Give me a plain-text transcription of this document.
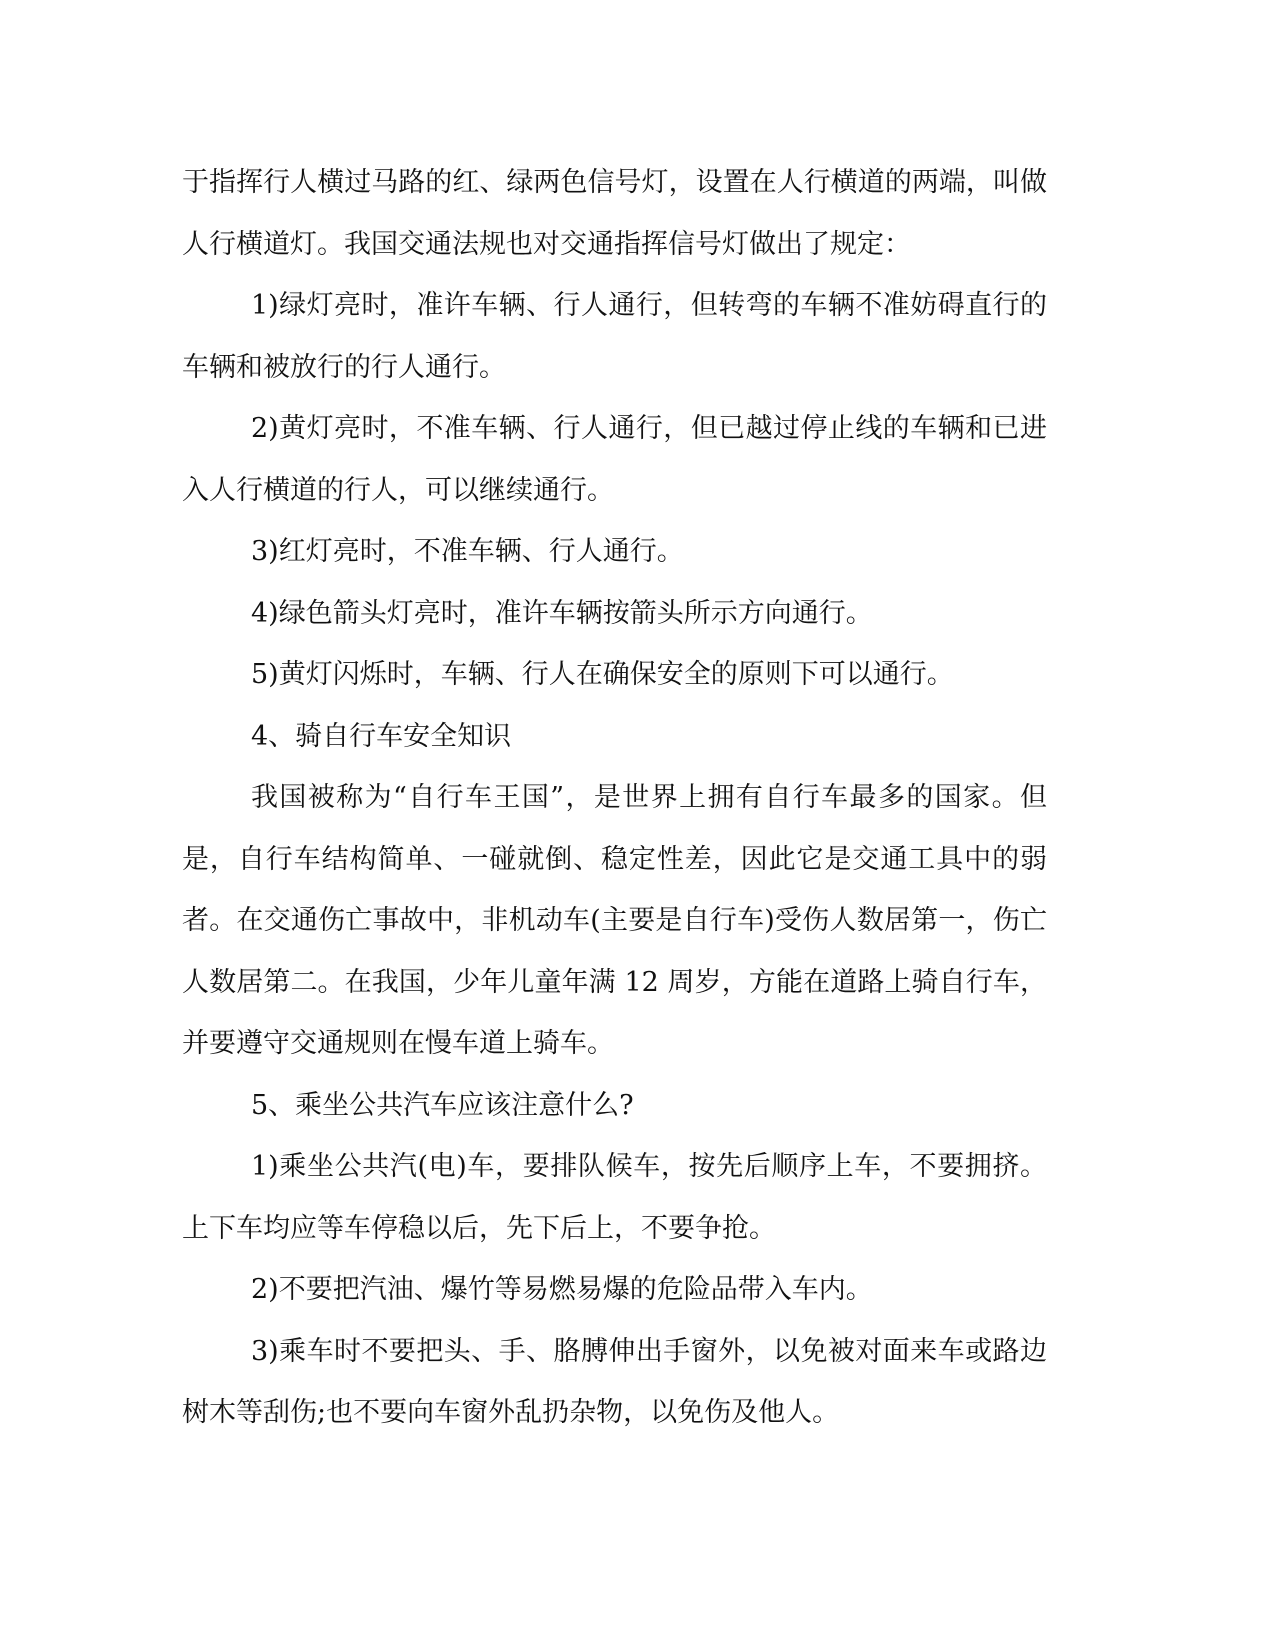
于指挥行人横过马路的红、绿两色信号灯，设置在人行横道的两端，叫做人行横道灯。我国交通法规也对交通指挥信号灯做出了规定：

1)绿灯亮时，准许车辆、行人通行，但转弯的车辆不准妨碍直行的车辆和被放行的行人通行。

2)黄灯亮时，不准车辆、行人通行，但已越过停止线的车辆和已进入人行横道的行人，可以继续通行。

3)红灯亮时，不准车辆、行人通行。

4)绿色箭头灯亮时，准许车辆按箭头所示方向通行。

5)黄灯闪烁时，车辆、行人在确保安全的原则下可以通行。

4、骑自行车安全知识

我国被称为“自行车王国”，是世界上拥有自行车最多的国家。但是，自行车结构简单、一碰就倒、稳定性差，因此它是交通工具中的弱者。在交通伤亡事故中，非机动车(主要是自行车)受伤人数居第一，伤亡人数居第二。在我国，少年儿童年满 12 周岁，方能在道路上骑自行车，并要遵守交通规则在慢车道上骑车。

5、乘坐公共汽车应该注意什么?

1)乘坐公共汽(电)车，要排队候车，按先后顺序上车，不要拥挤。上下车均应等车停稳以后，先下后上，不要争抢。

2)不要把汽油、爆竹等易燃易爆的危险品带入车内。

3)乘车时不要把头、手、胳膊伸出手窗外，以免被对面来车或路边树木等刮伤;也不要向车窗外乱扔杂物，以免伤及他人。
